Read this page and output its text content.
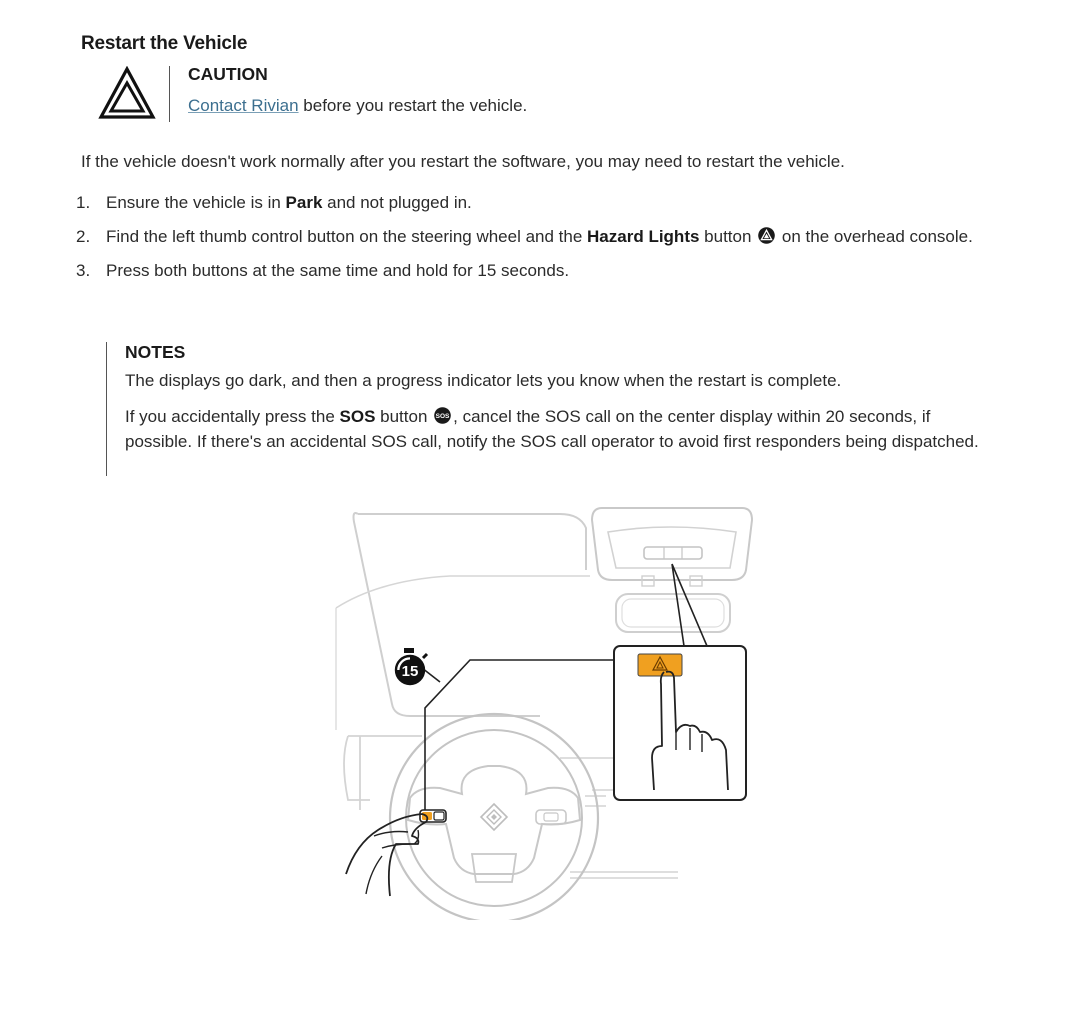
Restart the Vehicle
CAUTION
Contact Rivian before you restart the vehicle.
If the vehicle doesn't work normally after you restart the software, you may need to restart the vehicle.
1. Ensure the vehicle is in Park and not plugged in.
2. Find the left thumb control button on the steering wheel and the Hazard Lights button  on the overhead console.
3. Press both buttons at the same time and hold for 15 seconds.
NOTES
The displays go dark, and then a progress indicator lets you know when the restart is complete.
If you accidentally press the SOS button SOS , cancel the SOS call on the center display within 20 seconds, if possible. If there's an accidental SOS call, notify the SOS call operator to avoid first responders being dispatched.
15
